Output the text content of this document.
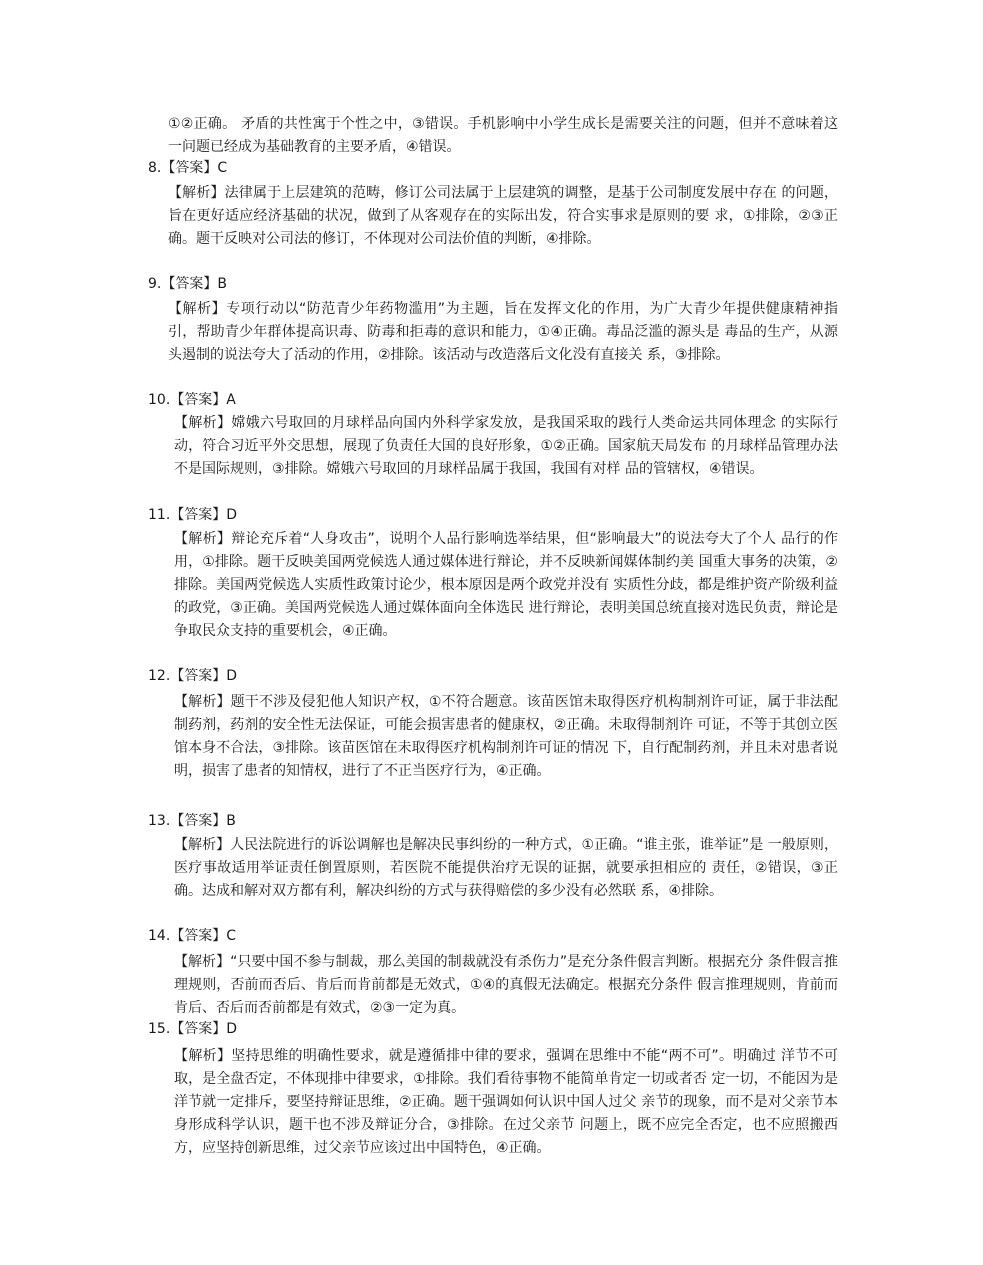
①②正确。 矛盾的共性寓于个性之中，③错误。手机影响中小学生成长是需要关注的问题，但并不意味着这 一问题已经成为基础教育的主要矛盾，④错误。
8.【答案】C
【解析】法律属于上层建筑的范畴，修订公司法属于上层建筑的调整，是基于公司制度发展中存在 的问题，旨在更好适应经济基础的状况，做到了从客观存在的实际出发，符合实事求是原则的要 求，①排除，②③正确。题干反映对公司法的修订，不体现对公司法价值的判断，④排除。
9.【答案】B
【解析】专项行动以“防范青少年药物滥用”为主题，旨在发挥文化的作用，为广大青少年提供健康精神指引，帮助青少年群体提高识毒、防毒和拒毒的意识和能力，①④正确。毒品泛滥的源头是 毒品的生产，从源头遏制的说法夸大了活动的作用，②排除。该活动与改造落后文化没有直接关 系，③排除。
10.【答案】A
【解析】嫦娥六号取回的月球样品向国内外科学家发放，是我国采取的践行人类命运共同体理念 的实际行动，符合习近平外交思想，展现了负责任大国的良好形象，①②正确。国家航天局发布 的月球样品管理办法不是国际规则，③排除。嫦娥六号取回的月球样品属于我国，我国有对样 品的管辖权，④错误。
11.【答案】D
【解析】辩论充斥着“人身攻击”，说明个人品行影响选举结果，但“影响最大”的说法夸大了个人 品行的作用，①排除。题干反映美国两党候选人通过媒体进行辩论，并不反映新闻媒体制约美 国重大事务的决策，②排除。美国两党候选人实质性政策讨论少，根本原因是两个政党并没有 实质性分歧，都是维护资产阶级利益的政党，③正确。美国两党候选人通过媒体面向全体选民 进行辩论，表明美国总统直接对选民负责，辩论是争取民众支持的重要机会，④正确。
12.【答案】D
【解析】题干不涉及侵犯他人知识产权，①不符合题意。该苗医馆未取得医疗机构制剂许可证，属于非法配制药剂，药剂的安全性无法保证，可能会损害患者的健康权，②正确。未取得制剂许 可证，不等于其创立医馆本身不合法，③排除。该苗医馆在未取得医疗机构制剂许可证的情况 下，自行配制药剂，并且未对患者说明，损害了患者的知情权，进行了不正当医疗行为，④正确。
13.【答案】B
【解析】人民法院进行的诉讼调解也是解决民事纠纷的一种方式，①正确。“谁主张，谁举证”是 一般原则，医疗事故适用举证责任倒置原则，若医院不能提供治疗无误的证据，就要承担相应的 责任，②错误，③正确。达成和解对双方都有利，解决纠纷的方式与获得赔偿的多少没有必然联 系，④排除。
14.【答案】C
【解析】“只要中国不参与制裁，那么美国的制裁就没有杀伤力”是充分条件假言判断。根据充分 条件假言推理规则，否前而否后、肯后而肯前都是无效式，①④的真假无法确定。根据充分条件 假言推理规则，肯前而肯后、否后而否前都是有效式，②③一定为真。
15.【答案】D
【解析】坚持思维的明确性要求，就是遵循排中律的要求，强调在思维中不能“两不可”。明确过 洋节不可取，是全盘否定，不体现排中律要求，①排除。我们看待事物不能简单肯定一切或者否 定一切，不能因为是洋节就一定排斥，要坚持辩证思维，②正确。题干强调如何认识中国人过父 亲节的现象，而不是对父亲节本身形成科学认识，题干也不涉及辩证分合，③排除。在过父亲节 问题上，既不应完全否定，也不应照搬西方，应坚持创新思维，过父亲节应该过出中国特色，④正确。
